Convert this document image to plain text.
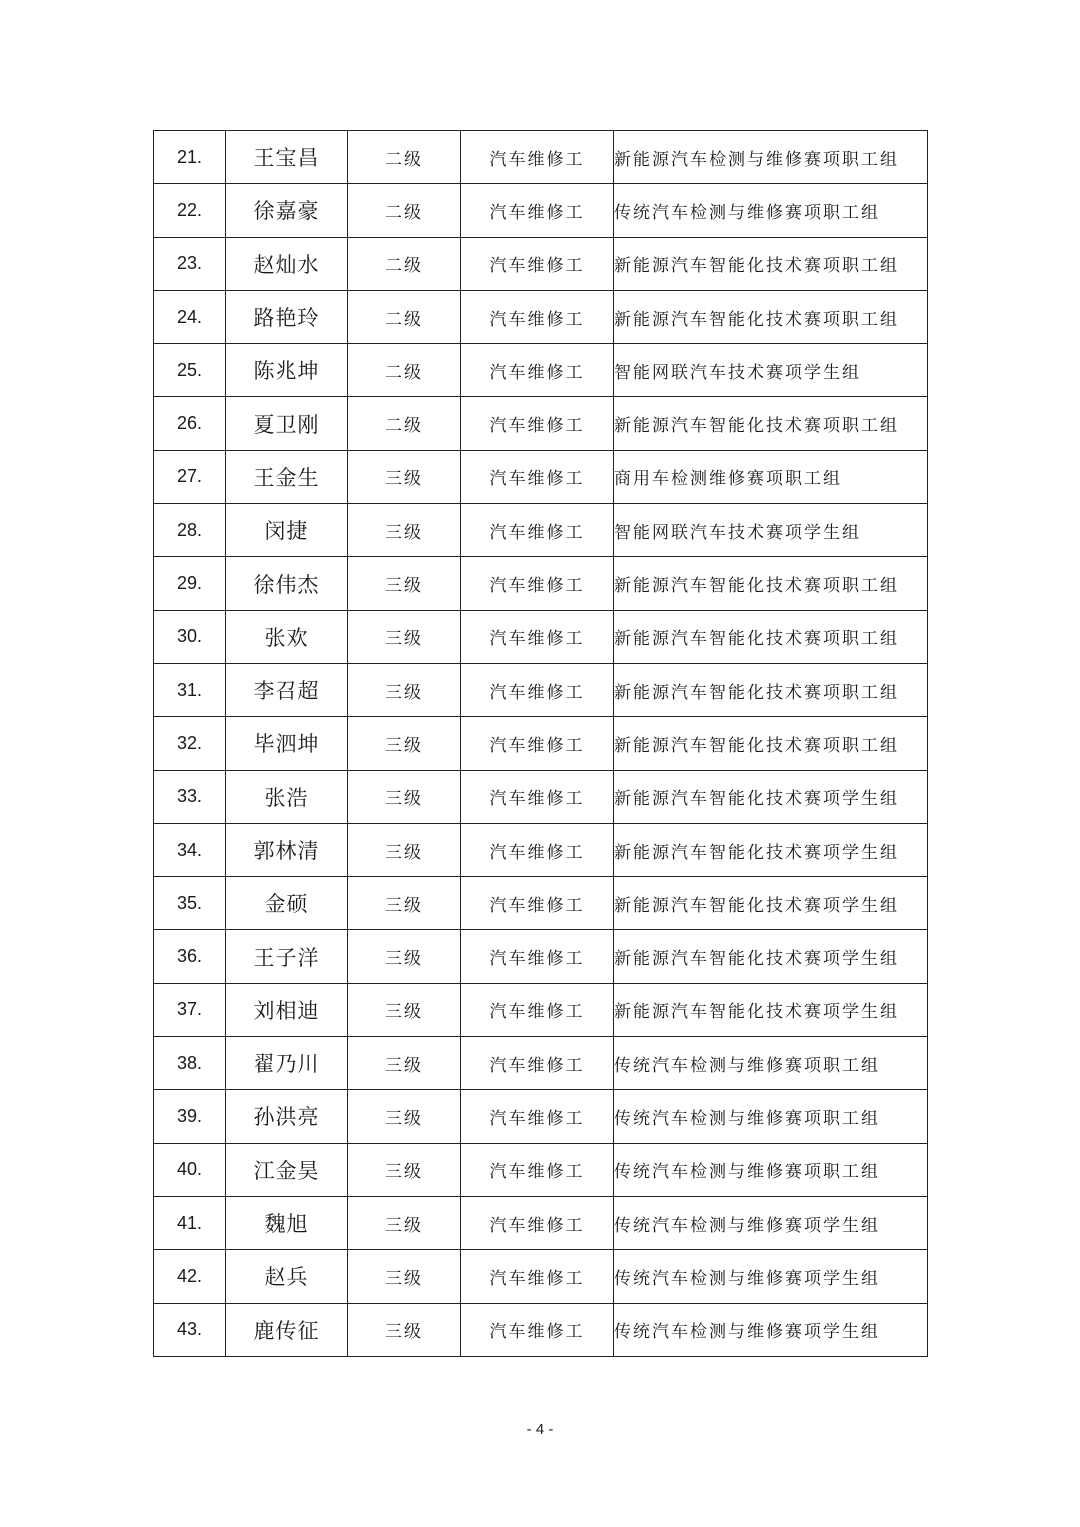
21.	王宝昌	二级	汽车维修工	新能源汽车检测与维修赛项职工组
22.	徐嘉豪	二级	汽车维修工	传统汽车检测与维修赛项职工组
23.	赵灿水	二级	汽车维修工	新能源汽车智能化技术赛项职工组
24.	路艳玲	二级	汽车维修工	新能源汽车智能化技术赛项职工组
25.	陈兆坤	二级	汽车维修工	智能网联汽车技术赛项学生组
26.	夏卫刚	二级	汽车维修工	新能源汽车智能化技术赛项职工组
27.	王金生	三级	汽车维修工	商用车检测维修赛项职工组
28.	闵捷	三级	汽车维修工	智能网联汽车技术赛项学生组
29.	徐伟杰	三级	汽车维修工	新能源汽车智能化技术赛项职工组
30.	张欢	三级	汽车维修工	新能源汽车智能化技术赛项职工组
31.	李召超	三级	汽车维修工	新能源汽车智能化技术赛项职工组
32.	毕泗坤	三级	汽车维修工	新能源汽车智能化技术赛项职工组
33.	张浩	三级	汽车维修工	新能源汽车智能化技术赛项学生组
34.	郭林清	三级	汽车维修工	新能源汽车智能化技术赛项学生组
35.	金硕	三级	汽车维修工	新能源汽车智能化技术赛项学生组
36.	王子洋	三级	汽车维修工	新能源汽车智能化技术赛项学生组
37.	刘相迪	三级	汽车维修工	新能源汽车智能化技术赛项学生组
38.	翟乃川	三级	汽车维修工	传统汽车检测与维修赛项职工组
39.	孙洪亮	三级	汽车维修工	传统汽车检测与维修赛项职工组
40.	江金昊	三级	汽车维修工	传统汽车检测与维修赛项职工组
41.	魏旭	三级	汽车维修工	传统汽车检测与维修赛项学生组
42.	赵兵	三级	汽车维修工	传统汽车检测与维修赛项学生组
43.	鹿传征	三级	汽车维修工	传统汽车检测与维修赛项学生组
- 4 -
